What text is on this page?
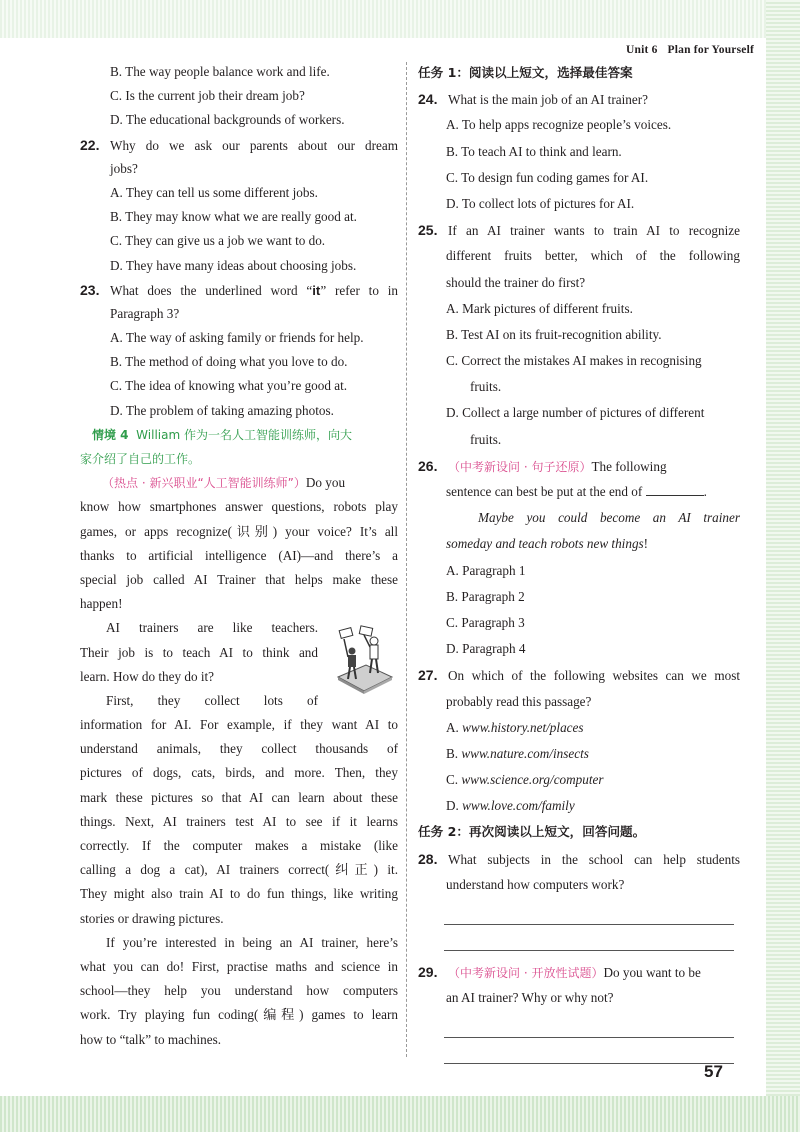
Unit 6 Plan for Yourself
B. The way people balance work and life.
C. Is the current job their dream job?
D. The educational backgrounds of workers.
22. Why do we ask our parents about our dream
jobs?
A. They can tell us some different jobs.
B. They may know what we are really good at.
C. They can give us a job we want to do.
D. They have many ideas about choosing jobs.
23. What does the underlined word “it” refer to in
Paragraph 3?
A. The way of asking family or friends for help.
B. The method of doing what you love to do.
C. The idea of knowing what you’re good at.
D. The problem of taking amazing photos.
情境 4 William 作为一名人工智能训练师，向大
家介绍了自己的工作。
（热点 · 新兴职业“人工智能训练师”）Do you
know how smartphones answer questions, robots play
games, or apps recognize(识别) your voice? It’s all
thanks to artificial intelligence (AI)—and there’s a
special job called AI Trainer that helps make these
happen!
AI trainers are like teachers.
Their job is to teach AI to think and
learn. How do they do it?
First, they collect lots of
information for AI. For example, if they want AI to
understand animals, they collect thousands of
pictures of dogs, cats, birds, and more. Then, they
mark these pictures so that AI can learn about these
things. Next, AI trainers test AI to see if it learns
correctly. If the computer makes a mistake (like
calling a dog a cat), AI trainers correct(纠正) it.
They might also train AI to do fun things, like writing
stories or drawing pictures.
If you’re interested in being an AI trainer, here’s
what you can do! First, practise maths and science in
school—they help you understand how computers
work. Try playing fun coding(编程) games to learn
how to “talk” to machines.
任务 1：阅读以上短文，选择最佳答案
24. What is the main job of an AI trainer?
A. To help apps recognize people’s voices.
B. To teach AI to think and learn.
C. To design fun coding games for AI.
D. To collect lots of pictures for AI.
25. If an AI trainer wants to train AI to recognize
different fruits better, which of the following
should the trainer do first?
A. Mark pictures of different fruits.
B. Test AI on its fruit-recognition ability.
C. Correct the mistakes AI makes in recognising
fruits.
D. Collect a large number of pictures of different
fruits.
26. （中考新设问 · 句子还原）The following
sentence can best be put at the end of	.
Maybe you could become an AI trainer
someday and teach robots new things!
A. Paragraph 1
B. Paragraph 2
C. Paragraph 3
D. Paragraph 4
27. On which of the following websites can we most
probably read this passage?
A. www.history.net/places
B. www.nature.com/insects
C. www.science.org/computer
D. www.love.com/family
任务 2：再次阅读以上短文，回答问题。
28. What subjects in the school can help students
understand how computers work?
29. （中考新设问 · 开放性试题）Do you want to be
an AI trainer? Why or why not?
57
